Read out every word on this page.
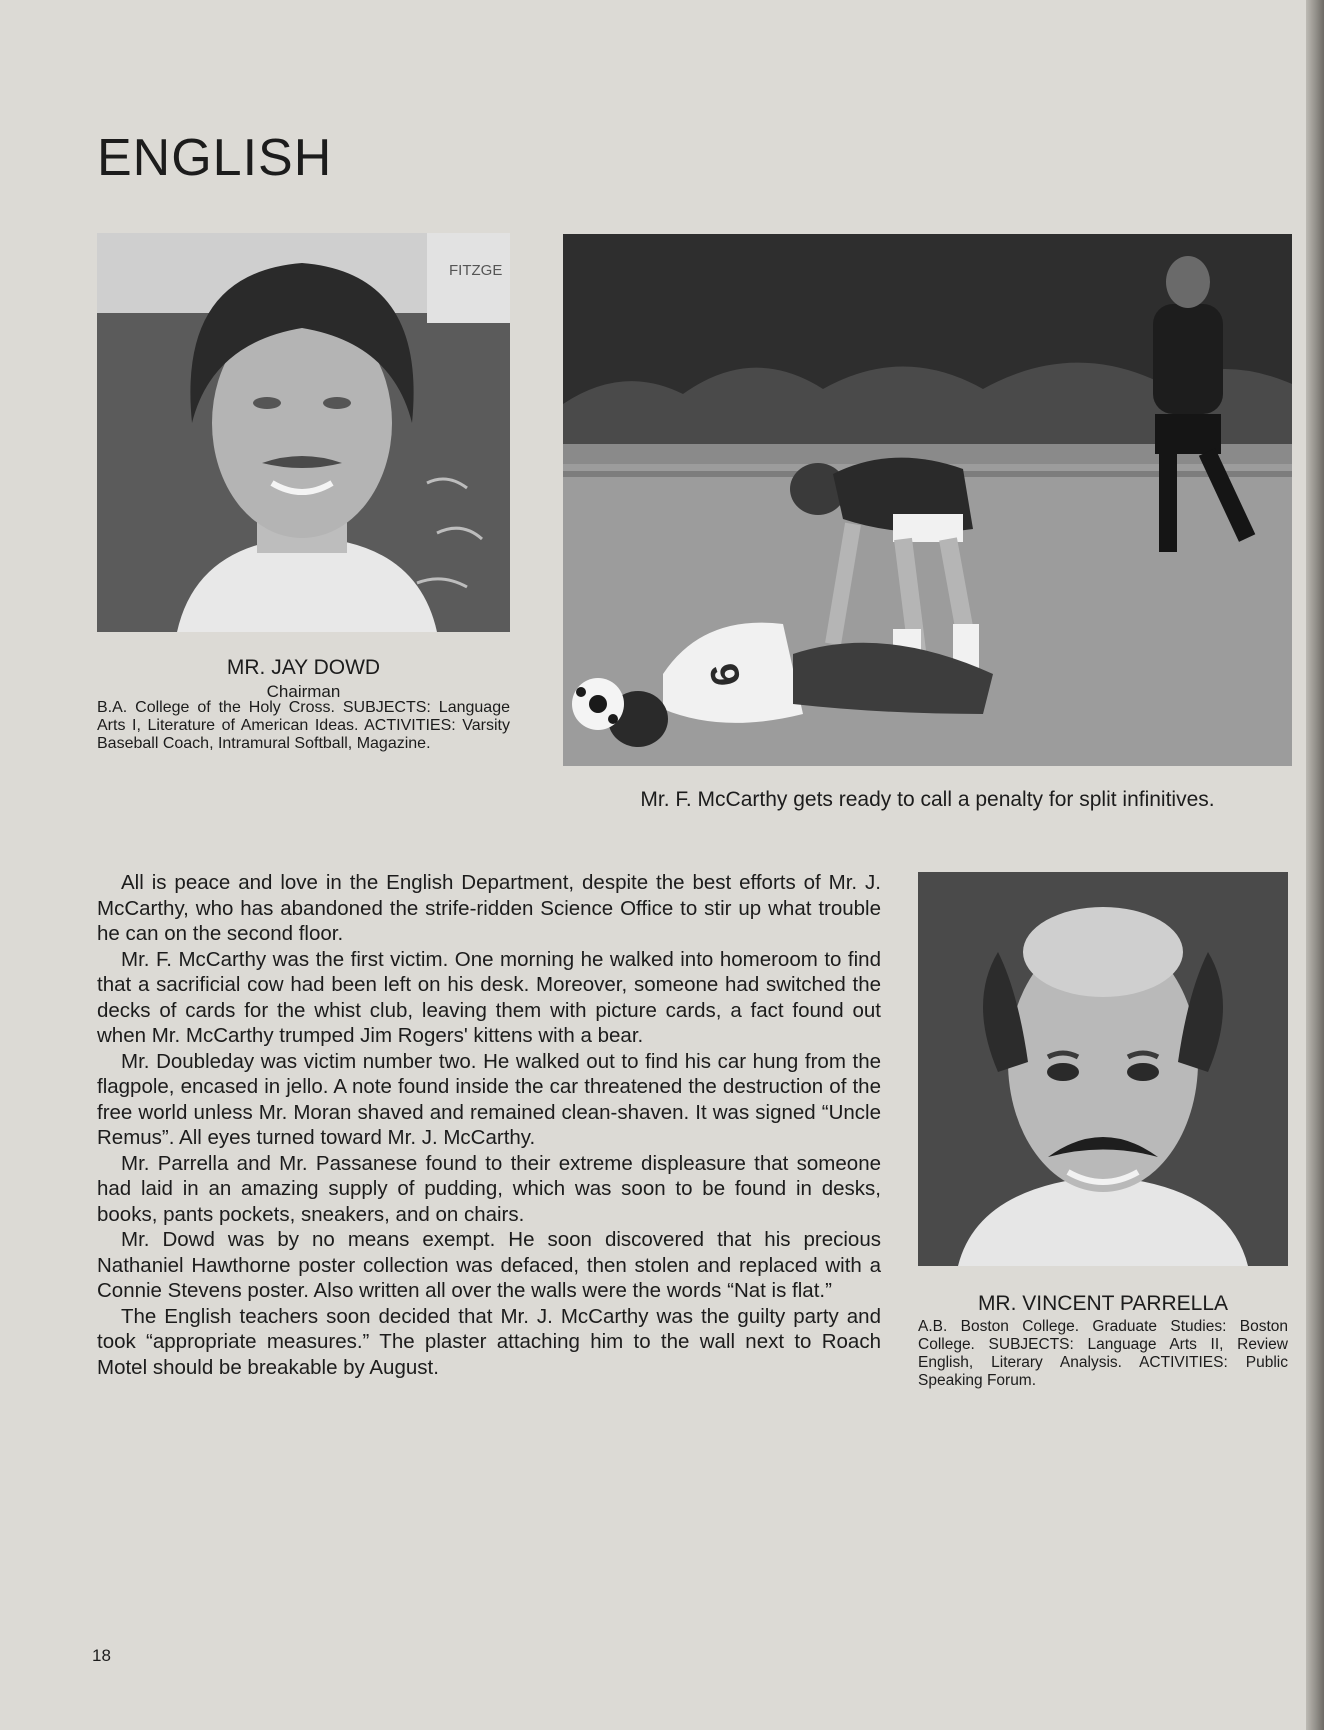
ENGLISH
FITZGE

MR. JAY DOWD

Chairman

B.A. College of the Holy Cross. SUBJECTS: Language Arts I, Literature of American Ideas. ACTIVITIES: Varsity Baseball Coach, Intramural Softball, Magazine.

9

Mr. F. McCarthy gets ready to call a penalty for split infinitives.

All is peace and love in the English Department, despite the best efforts of Mr. J. McCarthy, who has abandoned the strife-ridden Science Office to stir up what trouble he can on the second floor.

Mr. F. McCarthy was the first victim. One morning he walked into homeroom to find that a sacrificial cow had been left on his desk. Moreover, someone had switched the decks of cards for the whist club, leaving them with picture cards, a fact found out when Mr. McCarthy trumped Jim Rogers' kittens with a bear.

Mr. Doubleday was victim number two. He walked out to find his car hung from the flagpole, encased in jello. A note found inside the car threatened the destruction of the free world unless Mr. Moran shaved and remained clean-shaven. It was signed “Uncle Remus”. All eyes turned toward Mr. J. McCarthy.

Mr. Parrella and Mr. Passanese found to their extreme displeasure that someone had laid in an amazing supply of pudding, which was soon to be found in desks, books, pants pockets, sneakers, and on chairs.

Mr. Dowd was by no means exempt. He soon discovered that his precious Nathaniel Hawthorne poster collection was defaced, then stolen and replaced with a Connie Stevens poster. Also written all over the walls were the words “Nat is flat.”

The English teachers soon decided that Mr. J. McCarthy was the guilty party and took “appropriate measures.” The plaster attaching him to the wall next to Roach Motel should be breakable by August.

MR. VINCENT PARRELLA

A.B. Boston College. Graduate Studies: Boston College. SUBJECTS: Language Arts II, Review English, Literary Analysis. ACTIVITIES: Public Speaking Forum.

18
